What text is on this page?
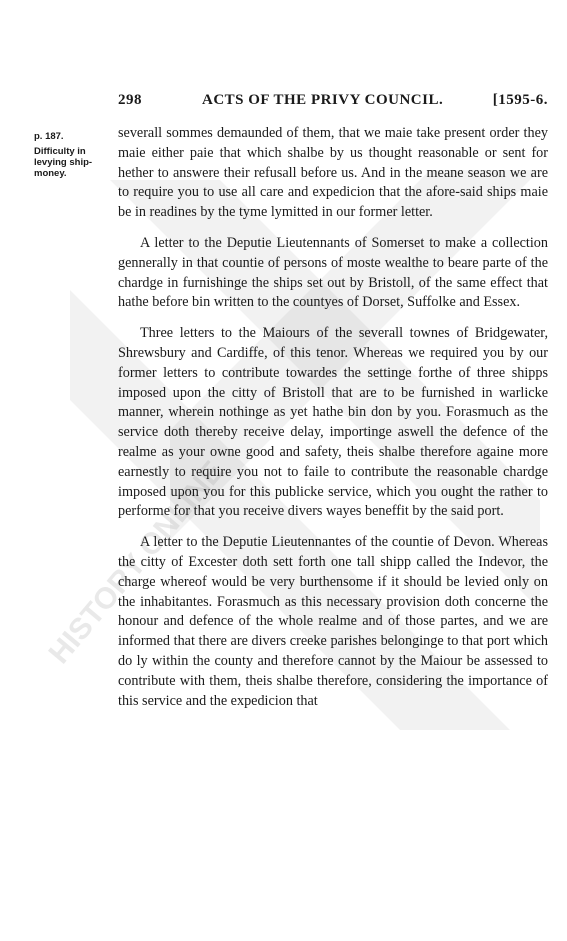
HISTORY ONLINE
298	ACTS OF THE PRIVY COUNCIL.	[1595-6.
p. 187.
Difficulty in levying ship-money.

severall sommes demaunded of them, that we maie take present order they maie either paie that which shalbe by us thought reasonable or sent for hether to answere their refusall before us. And in the meane season we are to require you to use all care and expedicion that the afore-said ships maie be in readines by the tyme lymitted in our former letter.

A letter to the Deputie Lieutennants of Somerset to make a collection gennerally in that countie of persons of moste wealthe to beare parte of the chardge in furnishinge the ships set out by Bristoll, of the same effect that hathe before bin written to the countyes of Dorset, Suffolke and Essex.

Three letters to the Maiours of the severall townes of Bridgewater, Shrewsbury and Cardiffe, of this tenor. Whereas we required you by our former letters to contribute towardes the settinge forthe of three shipps imposed upon the citty of Bristoll that are to be furnished in warlicke manner, wherein nothinge as yet hathe bin don by you. Forasmuch as the service doth thereby receive delay, importinge aswell the defence of the realme as your owne good and safety, theis shalbe therefore againe more earnestly to require you not to faile to contribute the reasonable chardge imposed upon you for this publicke service, which you ought the rather to performe for that you receive divers wayes beneffit by the said port.

A letter to the Deputie Lieutennantes of the countie of Devon. Whereas the citty of Excester doth sett forth one tall shipp called the Indevor, the charge whereof would be very burthensome if it should be levied only on the inhabitantes. Forasmuch as this necessary provision doth concerne the honour and defence of the whole realme and of those partes, and we are informed that there are divers creeke parishes belonginge to that port which do ly within the county and therefore cannot by the Maiour be assessed to contribute with them, theis shalbe therefore, considering the importance of this service and the expedicion that
